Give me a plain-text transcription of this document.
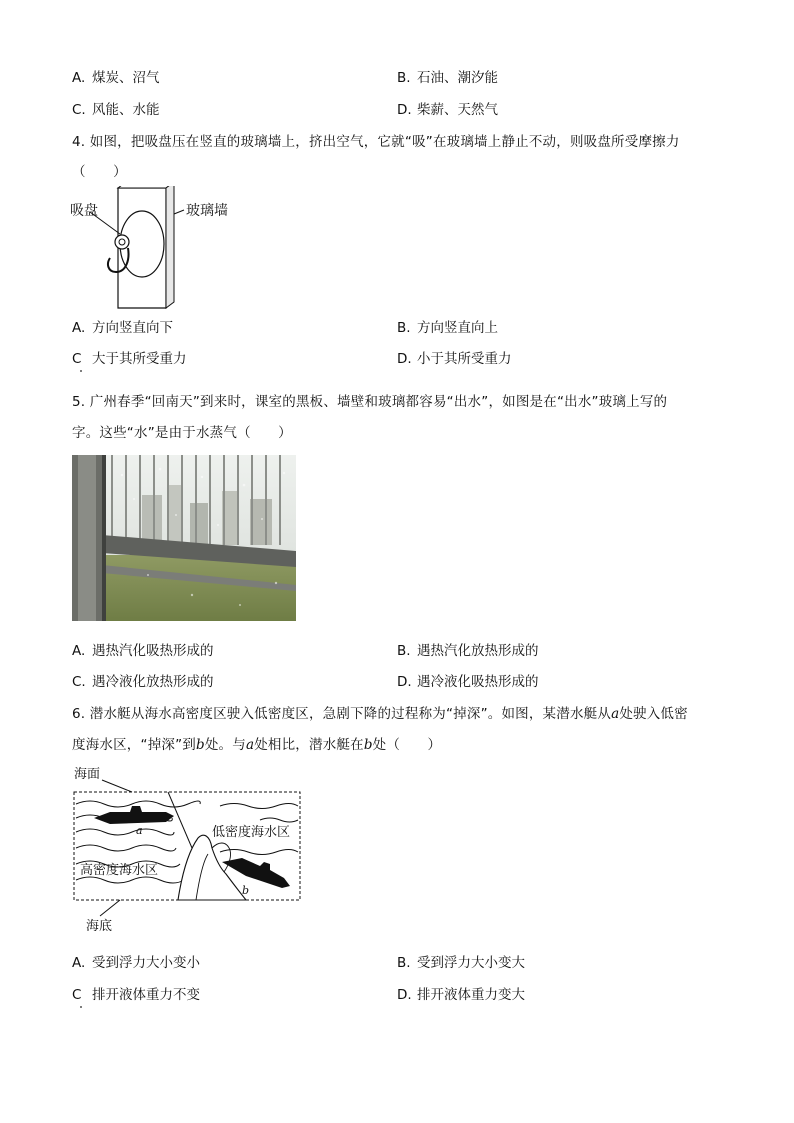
A. 煤炭、沼气	B. 石油、潮汐能
C. 风能、水能	D. 柴薪、天然气
4. 如图，把吸盘压在竖直的玻璃墙上，挤出空气，它就“吸”在玻璃墙上静止不动，则吸盘所受摩擦力
（　　）
吸盘	玻璃墙
A. 方向竖直向下	B. 方向竖直向上
C 大于其所受重力	D. 小于其所受重力
5. 广州春季“回南天”到来时，课室的黑板、墙壁和玻璃都容易“出水”，如图是在“出水”玻璃上写的
字。这些“水”是由于水蒸气（　　）
A. 遇热汽化吸热形成的	B. 遇热汽化放热形成的
C. 遇冷液化放热形成的	D. 遇冷液化吸热形成的
6. 潜水艇从海水高密度区驶入低密度区，急剧下降的过程称为“掉深”。如图，某潜水艇从a处驶入低密
度海水区，“掉深”到b处。与a处相比，潜水艇在b处（　　）
a
b
低密度海水区
高密度海水区
海面
海底
A. 受到浮力大小变小	B. 受到浮力大小变大
C 排开液体重力不变	D. 排开液体重力变大
